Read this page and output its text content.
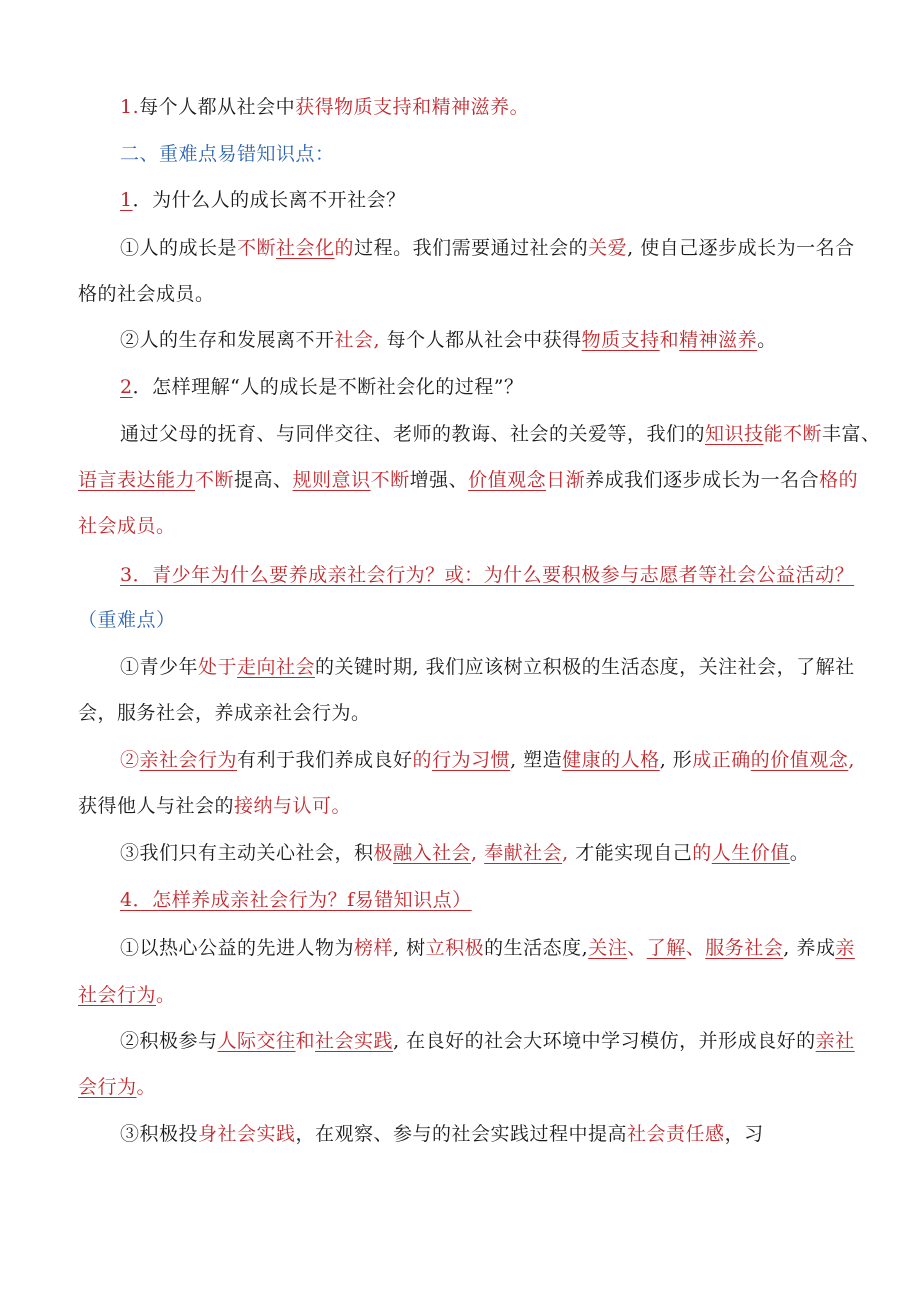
1.每个人都从社会中获得物质支持和精神滋养。
二、重难点易错知识点：
1．为什么人的成长离不开社会？
①人的成长是不断社会化的过程。我们需要通过社会的关爱, 使自己逐步成长为一名合
格的社会成员。
②人的生存和发展离不开社会, 每个人都从社会中获得物质支持和精神滋养。
2．怎样理解“人的成长是不断社会化的过程”？
通过父母的抚育、与同伴交往、老师的教诲、社会的关爱等，我们的知识技能不断丰富、
语言表达能力不断提高、规则意识不断增强、价值观念日渐养成我们逐步成长为一名合格的
社会成员。
3．青少年为什么要养成亲社会行为？或：为什么要积极参与志愿者等社会公益活动？
（重难点）
①青少年处于走向社会的关键时期, 我们应该树立积极的生活态度，关注社会，了解社
会，服务社会，养成亲社会行为。
②亲社会行为有利于我们养成良好的行为习惯, 塑造健康的人格, 形成正确的价值观念,
获得他人与社会的接纳与认可。
③我们只有主动关心社会，积极融入社会, 奉献社会, 才能实现自己的人生价值。
4．怎样养成亲社会行为？f易错知识点）
①以热心公益的先进人物为榜样, 树立积极的生活态度,关注、了解、服务社会, 养成亲
社会行为。
②积极参与人际交往和社会实践, 在良好的社会大环境中学习模仿，并形成良好的亲社
会行为。
③积极投身社会实践，在观察、参与的社会实践过程中提高社会责任感，习
